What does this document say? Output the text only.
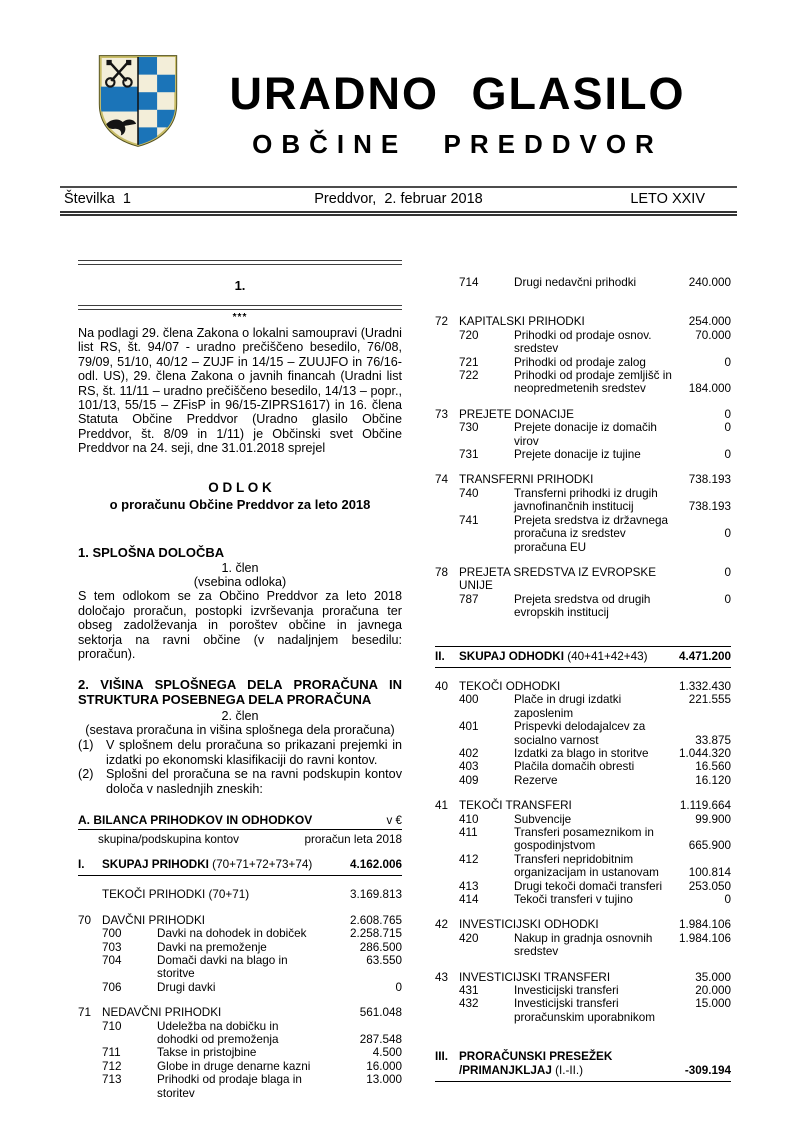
URADNO GLASILO
OBČINE PREDDVOR
Številka  1	Preddvor,  2. februar 2018	LETO XXIV
1.
***

Na podlagi 29. člena Zakona o lokalni samoupravi (Uradni list RS, št. 94/07 - uradno prečiščeno besedilo, 76/08, 79/09, 51/10, 40/12 – ZUJF in 14/15 – ZUUJFO in 76/16-odl. US), 29. člena Zakona o javnih financah (Uradni list RS, št. 11/11 – uradno prečiščeno besedilo, 14/13 – popr., 101/13, 55/15 – ZFisP in 96/15-ZIPRS1617) in 16. člena Statuta Občine Preddvor (Uradno glasilo Občine Preddvor, št. 8/09 in 1/11) je Občinski svet Občine Preddvor na 24. seji, dne 31.01.2018 sprejel

O D L O K
o proračunu Občine Preddvor za leto 2018
1. SPLOŠNA DOLOČBA
1. člen
(vsebina odloka)

S tem odlokom se za Občino Preddvor za leto 2018 določajo proračun, postopki izvrševanja proračuna ter obseg zadolževanja in poroštev občine in javnega sektorja na ravni občine (v nadaljnjem besedilu: proračun).

2. VIŠINA SPLOŠNEGA DELA PRORAČUNA IN STRUKTURA POSEBNEGA DELA PRORAČUNA
2. člen
(sestava proračuna in višina splošnega dela proračuna)
(1) V splošnem delu proračuna so prikazani prejemki in izdatki po ekonomski klasifikaciji do ravni kontov.
(2) Splošni del proračuna se na ravni podskupin kontov določa v naslednjih zneskih:
A. BILANCA PRIHODKOV IN ODHODKOV	v €
skupina/podskupina kontov	proračun leta 2018
I.	SKUPAJ PRIHODKI (70+71+72+73+74)	4.162.006
TEKOČI PRIHODKI (70+71)	3.169.813
70 DAVČNI PRIHODKI	2.608.765
700	Davki na dohodek in dobiček	2.258.715
703	Davki na premoženje	286.500
704	Domači davki na blago in	63.550
storitve
706	Drugi davki	0
71 NEDAVČNI PRIHODKI	561.048
710	Udeležba na dobičku in
dohodki od premoženja	287.548
711	Takse in pristojbine	4.500
712	Globe in druge denarne kazni	16.000
713	Prihodki od prodaje blaga in	13.000
storitev
714	Drugi nedavčni prihodki	240.000
72 KAPITALSKI PRIHODKI	254.000
720	Prihodki od prodaje osnov.	70.000
sredstev
721	Prihodki od prodaje zalog	0
722	Prihodki od prodaje zemljišč in
neopredmetenih sredstev	184.000
73 PREJETE DONACIJE	0
730	Prejete donacije iz domačih	0
virov
731	Prejete donacije iz tujine	0
74 TRANSFERNI PRIHODKI	738.193
740	Transferni prihodki iz drugih
javnofinančnih institucij	738.193
741	Prejeta sredstva iz državnega
proračuna iz sredstev	0
proračuna EU
78 PREJETA SREDSTVA IZ EVROPSKE	0
UNIJE
787	Prejeta sredstva od drugih	0
evropskih institucij
II.	SKUPAJ ODHODKI (40+41+42+43)	4.471.200
40 TEKOČI ODHODKI	1.332.430
400	Plače in drugi izdatki	221.555
zaposlenim
401	Prispevki delodajalcev za
socialno varnost	33.875
402	Izdatki za blago in storitve	1.044.320
403	Plačila domačih obresti	16.560
409	Rezerve	16.120
41 TEKOČI TRANSFERI	1.119.664
410	Subvencije	99.900
411	Transferi posameznikom in
gospodinjstvom	665.900
412	Transferi nepridobitnim
organizacijam in ustanovam	100.814
413	Drugi tekoči domači transferi	253.050
414	Tekoči transferi v tujino	0
42 INVESTICIJSKI ODHODKI	1.984.106
420	Nakup in gradnja osnovnih	1.984.106
sredstev
43 INVESTICIJSKI TRANSFERI	35.000
431	Investicijski transferi	20.000
432	Investicijski transferi	15.000
proračunskim uporabnikom
III. PRORAČUNSKI PRESEŽEK
/PRIMANJKLJAJ (I.-II.)	-309.194
